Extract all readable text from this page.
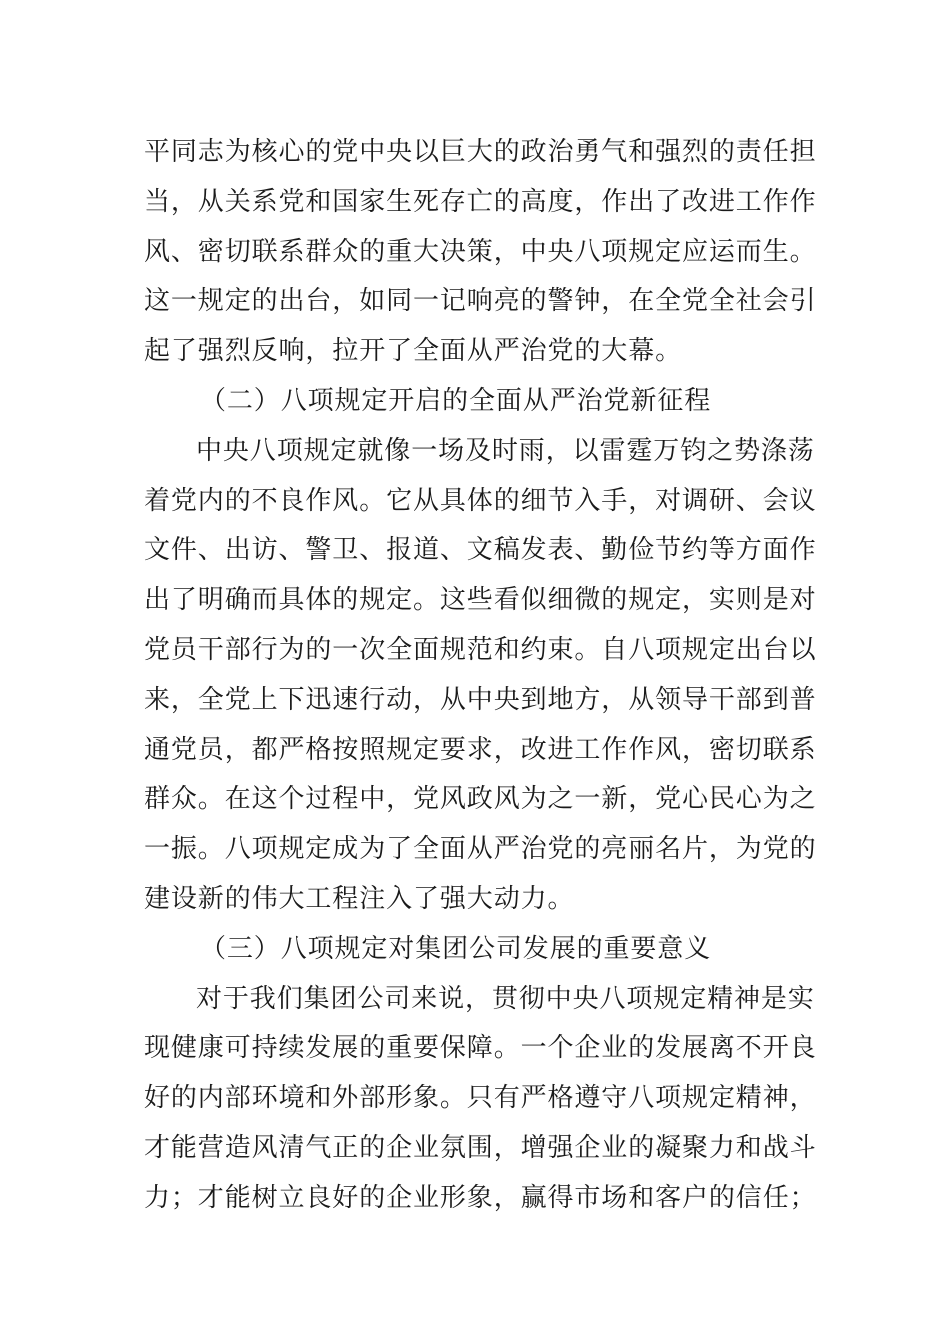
平同志为核心的党中央以巨大的政治勇气和强烈的责任担
当，从关系党和国家生死存亡的高度，作出了改进工作作
风、密切联系群众的重大决策，中央八项规定应运而生。
这一规定的出台，如同一记响亮的警钟，在全党全社会引
起了强烈反响，拉开了全面从严治党的大幕。
（二）八项规定开启的全面从严治党新征程
中央八项规定就像一场及时雨，以雷霆万钧之势涤荡
着党内的不良作风。它从具体的细节入手，对调研、会议
文件、出访、警卫、报道、文稿发表、勤俭节约等方面作
出了明确而具体的规定。这些看似细微的规定，实则是对
党员干部行为的一次全面规范和约束。自八项规定出台以
来，全党上下迅速行动，从中央到地方，从领导干部到普
通党员，都严格按照规定要求，改进工作作风，密切联系
群众。在这个过程中，党风政风为之一新，党心民心为之
一振。八项规定成为了全面从严治党的亮丽名片，为党的
建设新的伟大工程注入了强大动力。
（三）八项规定对集团公司发展的重要意义
对于我们集团公司来说，贯彻中央八项规定精神是实
现健康可持续发展的重要保障。一个企业的发展离不开良
好的内部环境和外部形象。只有严格遵守八项规定精神，
才能营造风清气正的企业氛围，增强企业的凝聚力和战斗
力；才能树立良好的企业形象，赢得市场和客户的信任；
